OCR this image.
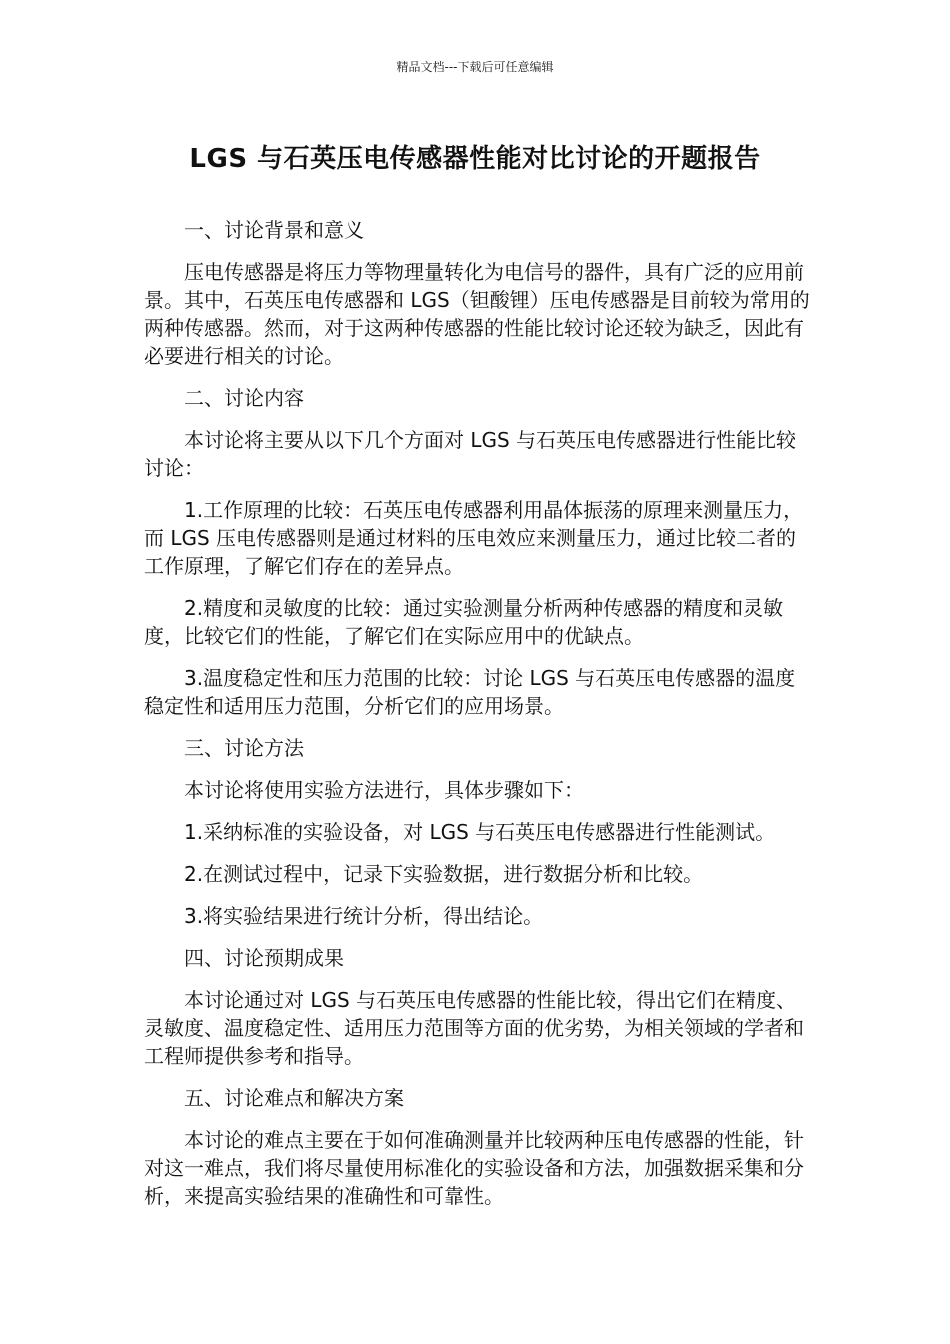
精品文档---下载后可任意编辑
LGS 与石英压电传感器性能对比讨论的开题报告

一、讨论背景和意义

压电传感器是将压力等物理量转化为电信号的器件，具有广泛的应用前景。其中，石英压电传感器和 LGS（钽酸锂）压电传感器是目前较为常用的两种传感器。然而，对于这两种传感器的性能比较讨论还较为缺乏，因此有必要进行相关的讨论。

二、讨论内容

本讨论将主要从以下几个方面对 LGS 与石英压电传感器进行性能比较讨论：

1.工作原理的比较：石英压电传感器利用晶体振荡的原理来测量压力，而 LGS 压电传感器则是通过材料的压电效应来测量压力，通过比较二者的工作原理，了解它们存在的差异点。

2.精度和灵敏度的比较：通过实验测量分析两种传感器的精度和灵敏度，比较它们的性能，了解它们在实际应用中的优缺点。

3.温度稳定性和压力范围的比较：讨论 LGS 与石英压电传感器的温度稳定性和适用压力范围，分析它们的应用场景。

三、讨论方法

本讨论将使用实验方法进行，具体步骤如下：

1.采纳标准的实验设备，对 LGS 与石英压电传感器进行性能测试。

2.在测试过程中，记录下实验数据，进行数据分析和比较。

3.将实验结果进行统计分析，得出结论。

四、讨论预期成果

本讨论通过对 LGS 与石英压电传感器的性能比较，得出它们在精度、灵敏度、温度稳定性、适用压力范围等方面的优劣势，为相关领域的学者和工程师提供参考和指导。

五、讨论难点和解决方案

本讨论的难点主要在于如何准确测量并比较两种压电传感器的性能，针对这一难点，我们将尽量使用标准化的实验设备和方法，加强数据采集和分析，来提高实验结果的准确性和可靠性。
